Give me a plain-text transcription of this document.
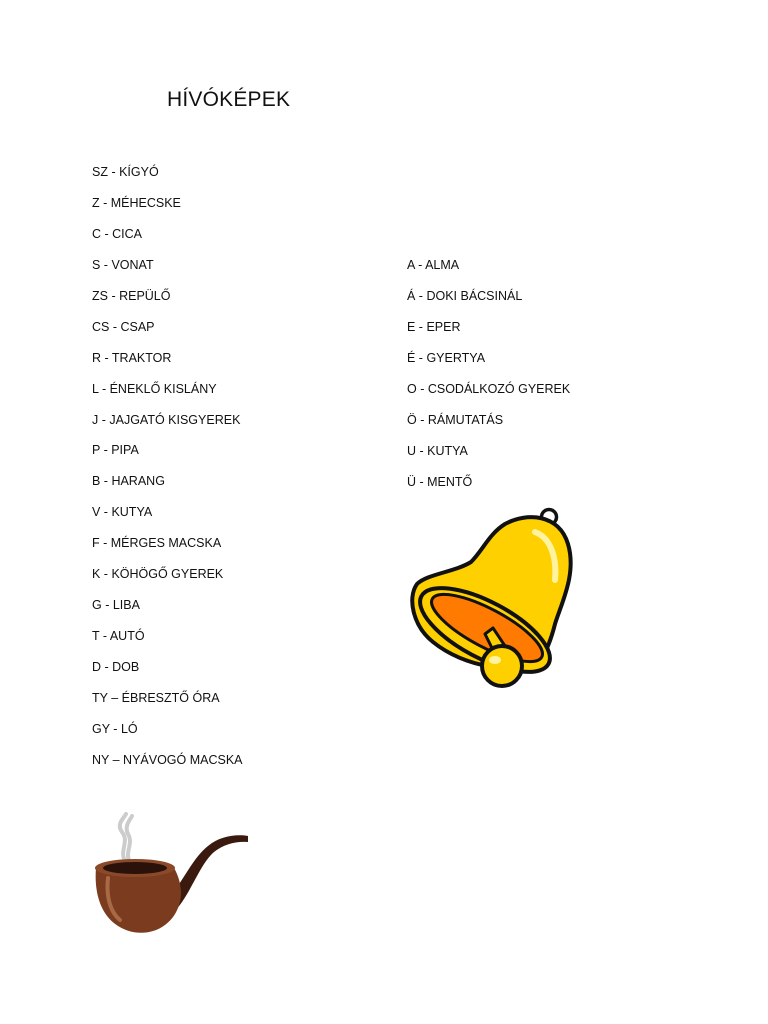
HÍVÓKÉPEK
SZ - KÍGYÓ
Z - MÉHECSKE
C - CICA
S - VONAT
ZS - REPÜLŐ
CS - CSAP
R - TRAKTOR
L - ÉNEKLŐ KISLÁNY
J - JAJGATÓ KISGYEREK
P - PIPA
B - HARANG
V - KUTYA
F - MÉRGES MACSKA
K - KÖHÖGŐ GYEREK
G - LIBA
T - AUTÓ
D - DOB
TY – ÉBRESZTŐ ÓRA
GY - LÓ
NY – NYÁVOGÓ MACSKA
A - ALMA
Á - DOKI BÁCSINÁL
E - EPER
É - GYERTYA
O - CSODÁLKOZÓ GYEREK
Ö - RÁMUTATÁS
U - KUTYA
Ü - MENTŐ
